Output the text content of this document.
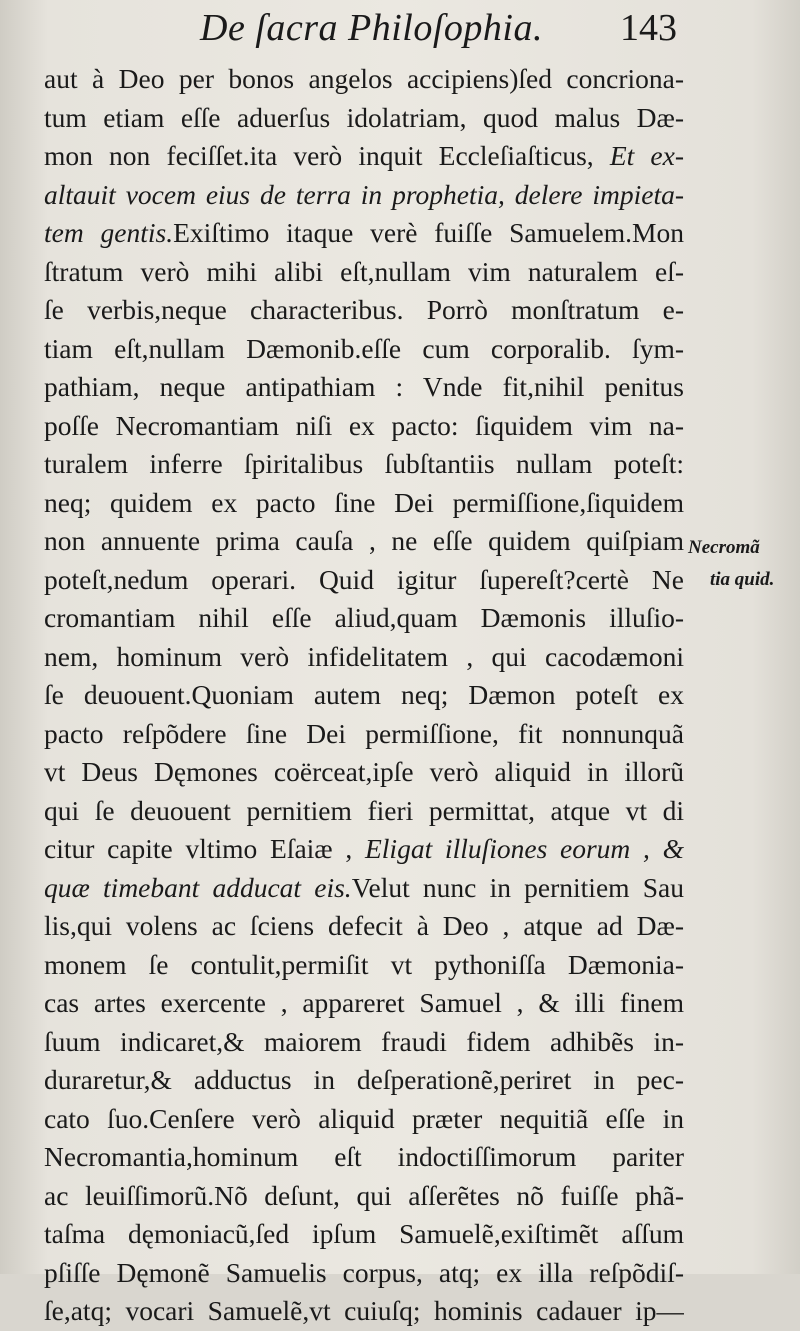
De ſacra Philoſophia. 143
aut à Deo per bonos angelos accipiens)ſed concriona-
tum etiam eſſe aduerſus idolatriam, quod malus Dæ-
mon non feciſſet.ita verò inquit Eccleſiaſticus, Et ex-
altauit vocem eius de terra in prophetia, delere impieta-
tem gentis.Exiſtimo itaque verè fuiſſe Samuelem.Mon
ſtratum verò mihi alibi eſt,nullam vim naturalem eſ-
ſe verbis,neque characteribus. Porrò monſtratum e-
tiam eſt,nullam Dæmonib.eſſe cum corporalib. ſym-
pathiam, neque antipathiam : Vnde fit,nihil penitus
poſſe Necromantiam niſi ex pacto: ſiquidem vim na-
turalem inferre ſpiritalibus ſubſtantiis nullam poteſt:
neq; quidem ex pacto ſine Dei permiſſione,ſiquidem
non annuente prima cauſa , ne eſſe quidem quiſpiam
poteſt,nedum operari. Quid igitur ſupereſt?certè Ne
cromantiam nihil eſſe aliud,quam Dæmonis illuſio-
nem, hominum verò infidelitatem , qui cacodæmoni
ſe deuouent.Quoniam autem neq; Dæmon poteſt ex
pacto reſpõdere ſine Dei permiſſione, fit nonnunquã
vt Deus Dęmones coërceat,ipſe verò aliquid in illorũ
qui ſe deuouent pernitiem fieri permittat, atque vt di
citur capite vltimo Eſaiæ , Eligat illuſiones eorum , &
quæ timebant adducat eis.Velut nunc in pernitiem Sau
lis,qui volens ac ſciens defecit à Deo , atque ad Dæ-
monem ſe contulit,permiſit vt pythoniſſa Dæmonia-
cas artes exercente , appareret Samuel , & illi finem
ſuum indicaret,& maiorem fraudi fidem adhibẽs in-
duraretur,& adductus in deſperationẽ,periret in pec-
cato ſuo.Cenſere verò aliquid præter nequitiã eſſe in
Necromantia,hominum eſt indoctiſſimorum pariter
ac leuiſſimorũ.Nõ deſunt, qui aſſerẽtes nõ fuiſſe phã-
taſma dęmoniacũ,ſed ipſum Samuelẽ,exiſtimẽt aſſum
pſiſſe Dęmonẽ Samuelis corpus, atq; ex illa reſpõdiſ-
ſe,atq; vocari Samuelẽ,vt cuiuſq; hominis cadauer ip—
Necromã
tia quid.
